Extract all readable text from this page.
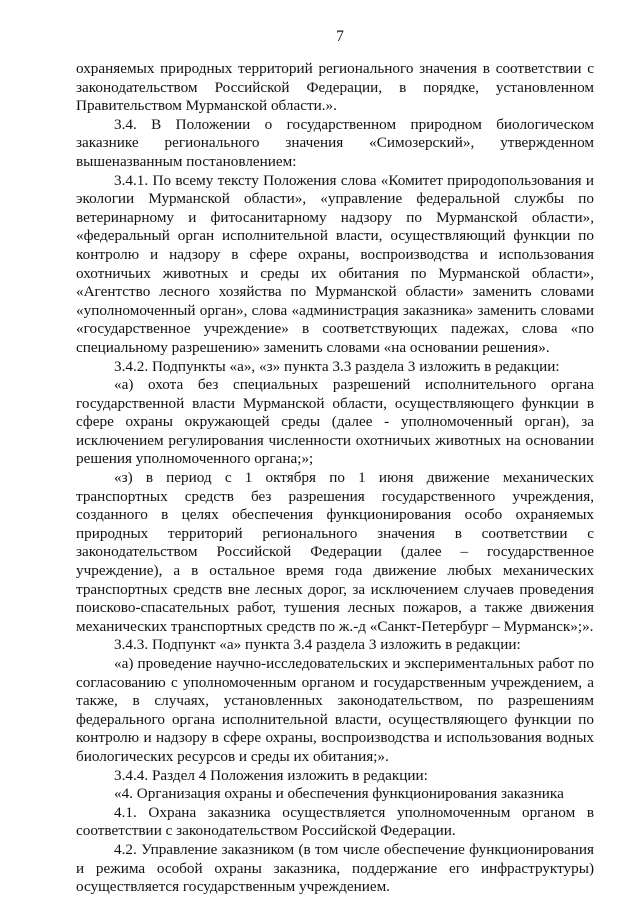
7

охраняемых природных территорий регионального значения в соответствии с законодательством Российской Федерации, в порядке, установленном Правительством Мурманской области.».

3.4. В Положении о государственном природном биологическом заказнике регионального значения «Симозерский», утвержденном вышеназванным постановлением:

3.4.1. По всему тексту Положения слова «Комитет природопользования и экологии Мурманской области», «управление федеральной службы по ветеринарному и фитосанитарному надзору по Мурманской области», «федеральный орган исполнительной власти, осуществляющий функции по контролю и надзору в сфере охраны, воспроизводства и использования охотничьих животных и среды их обитания по Мурманской области», «Агентство лесного хозяйства по Мурманской области» заменить словами «уполномоченный орган», слова «администрация заказника» заменить словами «государственное учреждение» в соответствующих падежах, слова «по специальному разрешению» заменить словами «на основании решения».

3.4.2. Подпункты «а», «з» пункта 3.3 раздела 3 изложить в редакции:

«а) охота без специальных разрешений исполнительного органа государственной власти Мурманской области, осуществляющего функции в сфере охраны окружающей среды (далее - уполномоченный орган), за исключением регулирования численности охотничьих животных на основании решения уполномоченного органа;»;

«з) в период с 1 октября по 1 июня движение механических транспортных средств без разрешения государственного учреждения, созданного в целях обеспечения функционирования особо охраняемых природных территорий регионального значения в соответствии с законодательством Российской Федерации (далее – государственное учреждение), а в остальное время года движение любых механических транспортных средств вне лесных дорог, за исключением случаев проведения поисково-спасательных работ, тушения лесных пожаров, а также движения механических транспортных средств по ж.-д «Санкт-Петербург – Мурманск»;».

3.4.3. Подпункт «а» пункта 3.4 раздела 3 изложить в редакции:

«а) проведение научно-исследовательских и экспериментальных работ по согласованию с уполномоченным органом и государственным учреждением, а также, в случаях, установленных законодательством, по разрешениям федерального органа исполнительной власти, осуществляющего функции по контролю и надзору в сфере охраны, воспроизводства и использования водных биологических ресурсов и среды их обитания;».

3.4.4. Раздел 4 Положения изложить в редакции:

«4. Организация охраны и обеспечения функционирования заказника

4.1. Охрана заказника осуществляется уполномоченным органом в соответствии с законодательством Российской Федерации.

4.2. Управление заказником (в том числе обеспечение функционирования и режима особой охраны заказника, поддержание его инфраструктуры) осуществляется государственным учреждением.
